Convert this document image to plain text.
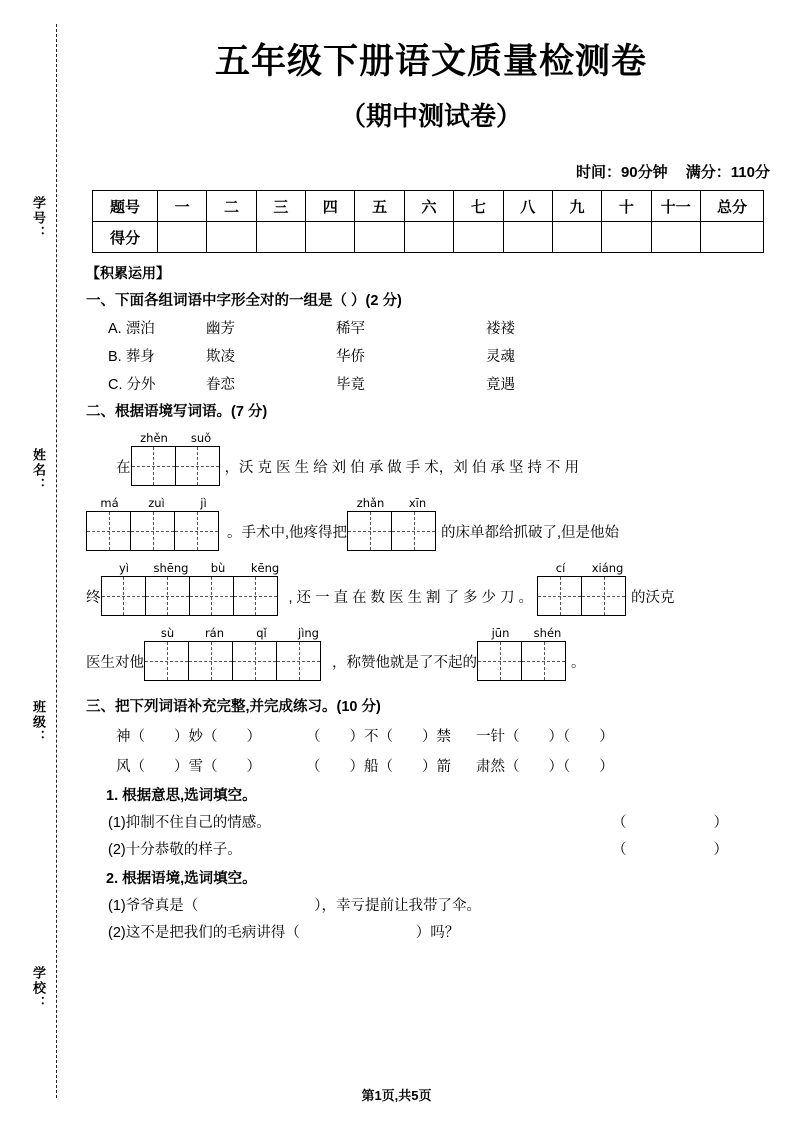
学号：
姓名：
班级：
学校：
五年级下册语文质量检测卷
（期中测试卷）
时间：90分钟 满分：110分
题号	一	二	三	四	五	六	七	八	九	十	十一	总分
得分												
【积累运用】
一、下面各组词语中字形全对的一组是（ ）(2 分)
A. 漂泊	幽芳	稀罕	褛褛
B. 葬身	欺凌	华侨	灵魂
C. 分外	眷恋	毕竟	竟遇
二、根据语境写词语。(7 分)
在
zhěn	suǒ
，沃 克 医 生 给 刘 伯 承 做 手 术，刘 伯 承 坚 持 不 用
má	zuì	jì
。手术中,他疼得把
zhǎn	xīn
的床单都给抓破了,但是他始
终
yì	shēng	bù	kēng
,还一直在数医生割了多少刀。
cí	xiáng
的沃克
医生对他
sù	rán	qǐ	jìng
，称赞他就是了不起的
jūn	shén
。
三、把下列词语补充完整,并完成练习。(10 分)
神（　　）妙（　　）	（　　）不（　　）禁	一针（　　）（　　）
风（　　）雪（　　）	（　　）船（　　）箭	肃然（　　）（　　）
1. 根据意思,选词填空。
(1)抑制不住自己的情感。	（　　　　　　）
(2)十分恭敬的样子。	（　　　　　　）
2. 根据语境,选词填空。
(1)爷爷真是（　　　　　　　　），幸亏提前让我带了伞。
(2)这不是把我们的毛病讲得（　　　　　　　　）吗？
第1页,共5页
